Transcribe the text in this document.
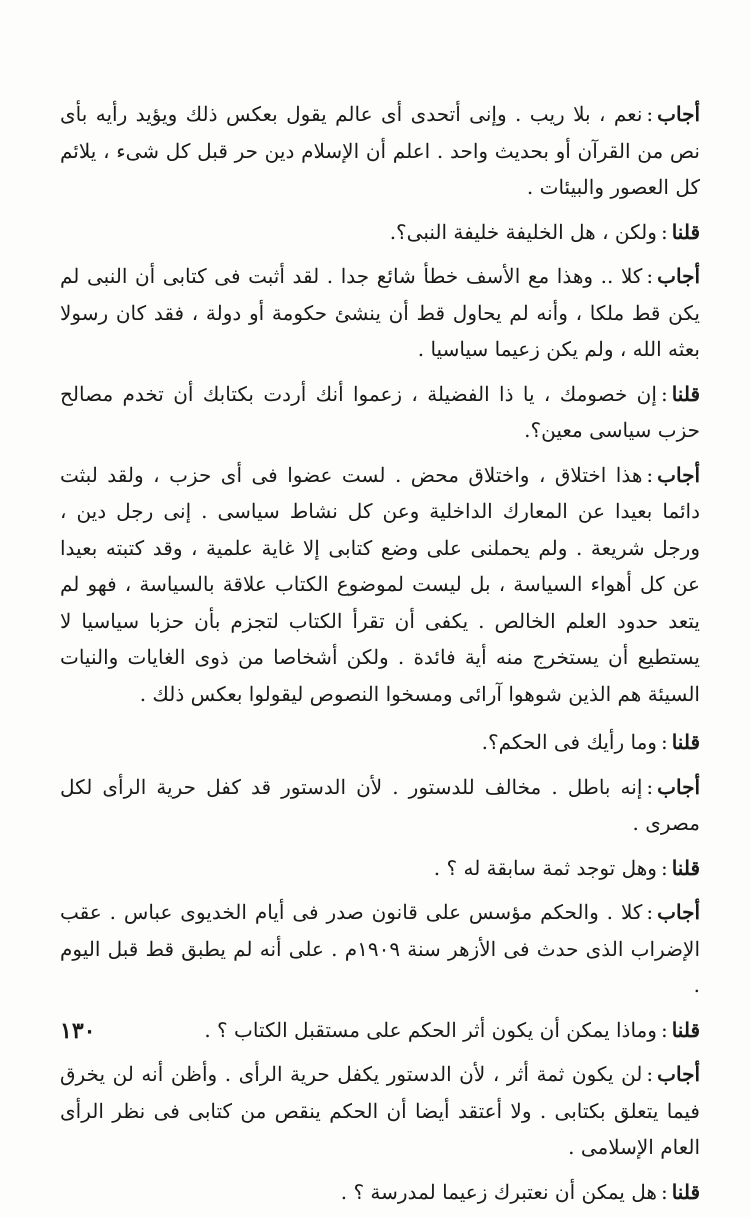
أجاب:نعم ، بلا ريب . وإنى أتحدى أى عالم يقول بعكس ذلك ويؤيد رأيه بأى نص من القرآن أو بحديث واحد . اعلم أن الإسلام دين حر قبل كل شىء ، يلائم كل العصور والبيئات .

قلنا:ولكن ، هل الخليفة خليفة النبى؟.

أجاب:كلا .. وهذا مع الأسف خطأ شائع جدا . لقد أثبت فى كتابى أن النبى لم يكن قط ملكا ، وأنه لم يحاول قط أن ينشئ حكومة أو دولة ، فقد كان رسولا بعثه الله ، ولم يكن زعيما سياسيا .

قلنا:إن خصومك ، يا ذا الفضيلة ، زعموا أنك أردت بكتابك أن تخدم مصالح حزب سياسى معين؟.

أجاب:هذا اختلاق ، واختلاق محض . لست عضوا فى أى حزب ، ولقد لبثت دائما بعيدا عن المعارك الداخلية وعن كل نشاط سياسى . إنى رجل دين ، ورجل شريعة . ولم يحملنى على وضع كتابى إلا غاية علمية ، وقد كتبته بعيدا عن كل أهواء السياسة ، بل ليست لموضوع الكتاب علاقة بالسياسة ، فهو لم يتعد حدود العلم الخالص . يكفى أن تقرأ الكتاب لتجزم بأن حزبا سياسيا لا يستطيع أن يستخرج منه أية فائدة . ولكن أشخاصا من ذوى الغايات والنيات السيئة هم الذين شوهوا آرائى ومسخوا النصوص ليقولوا بعكس ذلك .

قلنا:وما رأيك فى الحكم؟.

أجاب:إنه باطل . مخالف للدستور . لأن الدستور قد كفل حرية الرأى لكل مصرى .

قلنا:وهل توجد ثمة سابقة له ؟ .

أجاب:كلا . والحكم مؤسس على قانون صدر فى أيام الخديوى عباس . عقب الإضراب الذى حدث فى الأزهر سنة ١٩٠٩م . على أنه لم يطبق قط قبل اليوم .

قلنا:وماذا يمكن أن يكون أثر الحكم على مستقبل الكتاب ؟ .

أجاب:لن يكون ثمة أثر ، لأن الدستور يكفل حرية الرأى . وأظن أنه لن يخرق فيما يتعلق بكتابى . ولا أعتقد أيضا أن الحكم ينقص من كتابى فى نظر الرأى العام الإسلامى .

قلنا:هل يمكن أن نعتبرك زعيما لمدرسة ؟ .

١٣٠
